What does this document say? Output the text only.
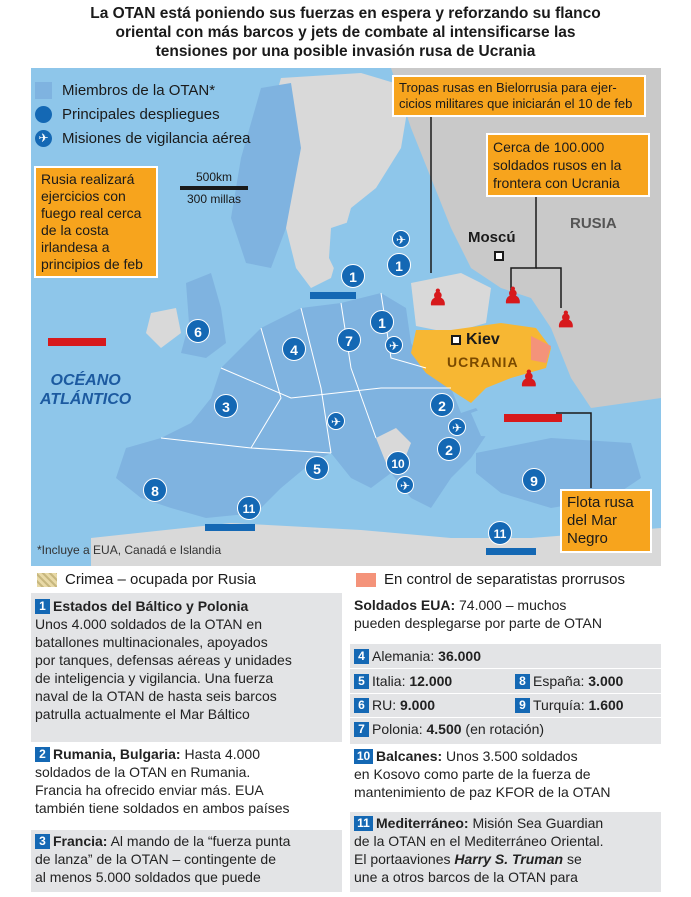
La OTAN está poniendo sus fuerzas en espera y reforzando su flanco
oriental con más barcos y jets de combate al intensificarse las
tensiones por una posible invasión rusa de Ucrania
Miembros de la OTAN*
Principales despliegues
✈ Misiones de vigilancia aérea
500km
300 millas
Tropas rusas en Bielorrusia para ejer-
cicios militares que iniciarán el 10 de feb
Cerca de 100.000
soldados rusos en la
frontera con Ucrania
Rusia realizará
ejercicios con
fuego real cerca
de la costa
irlandesa a
principios de feb
Flota rusa
del Mar
Negro
OCÉANO
ATLÁNTICO
RUSIA
Moscú
Kiev
UCRANIA
♟	♟
♟
♟
1
1
1
7
6
4
3	2
2
5	10
8
11
9
11
✈
✈
✈	✈
✈
*Incluye a EUA, Canadá e Islandia
Crimea – ocupada por Rusia	En control de separatistas prorrusos
1 Estados del Báltico y Polonia
Unos 4.000 soldados de la OTAN en
batallones multinacionales, apoyados
por tanques, defensas aéreas y unidades
de inteligencia y vigilancia. Una fuerza
naval de la OTAN de hasta seis barcos
patrulla actualmente el Mar Báltico
2 Rumania, Bulgaria: Hasta 4.000
soldados de la OTAN en Rumania.
Francia ha ofrecido enviar más. EUA
también tiene soldados en ambos países
3 Francia: Al mando de la “fuerza punta
de lanza” de la OTAN – contingente de
al menos 5.000 soldados que puede
Soldados EUA: 74.000 – muchos
pueden desplegarse por parte de OTAN
4 Alemania: 36.000
5 Italia: 12.000	8 España: 3.000
6 RU: 9.000	9 Turquía: 1.600
7 Polonia: 4.500 (en rotación)
10 Balcanes: Unos 3.500 soldados
en Kosovo como parte de la fuerza de
mantenimiento de paz KFOR de la OTAN
11 Mediterráneo: Misión Sea Guardian
de la OTAN en el Mediterráneo Oriental.
El portaaviones Harry S. Truman se
une a otros barcos de la OTAN para
